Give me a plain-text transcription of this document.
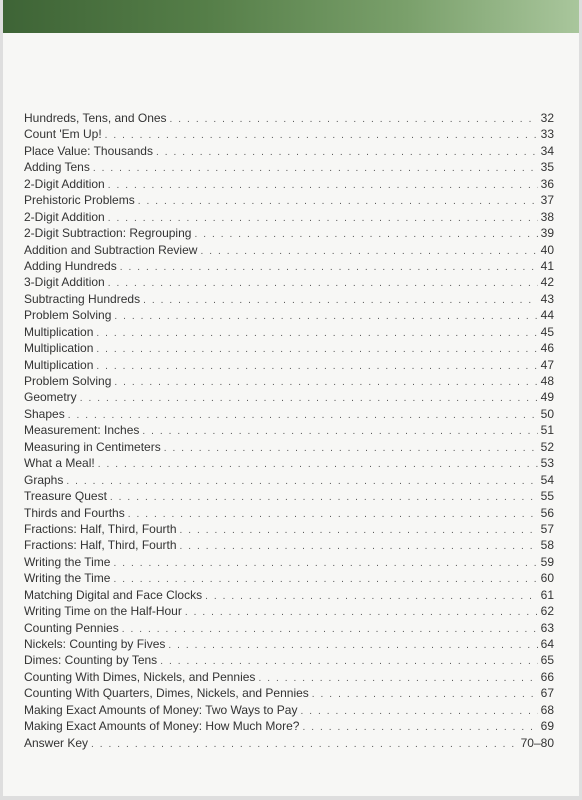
Hundreds, Tens, and Ones . . .	32
Count 'Em Up! . . .	33
Place Value: Thousands . . .	34
Adding Tens . . .	35
2-Digit Addition . . .	36
Prehistoric Problems . . .	37
2-Digit Addition . . .	38
2-Digit Subtraction: Regrouping . . .	39
Addition and Subtraction Review . . .	40
Adding Hundreds . . .	41
3-Digit Addition . . .	42
Subtracting Hundreds . . .	43
Problem Solving . . .	44
Multiplication . . .	45
Multiplication . . .	46
Multiplication . . .	47
Problem Solving . . .	48
Geometry . . .	49
Shapes . . .	50
Measurement: Inches . . .	51
Measuring in Centimeters . . .	52
What a Meal! . . .	53
Graphs . . .	54
Treasure Quest . . .	55
Thirds and Fourths . . .	56
Fractions: Half, Third, Fourth . . .	57
Fractions: Half, Third, Fourth . . .	58
Writing the Time . . .	59
Writing the Time . . .	60
Matching Digital and Face Clocks . . .	61
Writing Time on the Half-Hour . . .	62
Counting Pennies . . .	63
Nickels: Counting by Fives . . .	64
Dimes: Counting by Tens . . .	65
Counting With Dimes, Nickels, and Pennies . . .	66
Counting With Quarters, Dimes, Nickels, and Pennies . . .	67
Making Exact Amounts of Money: Two Ways to Pay . . .	68
Making Exact Amounts of Money: How Much More? . . .	69
Answer Key . . .	70–80
